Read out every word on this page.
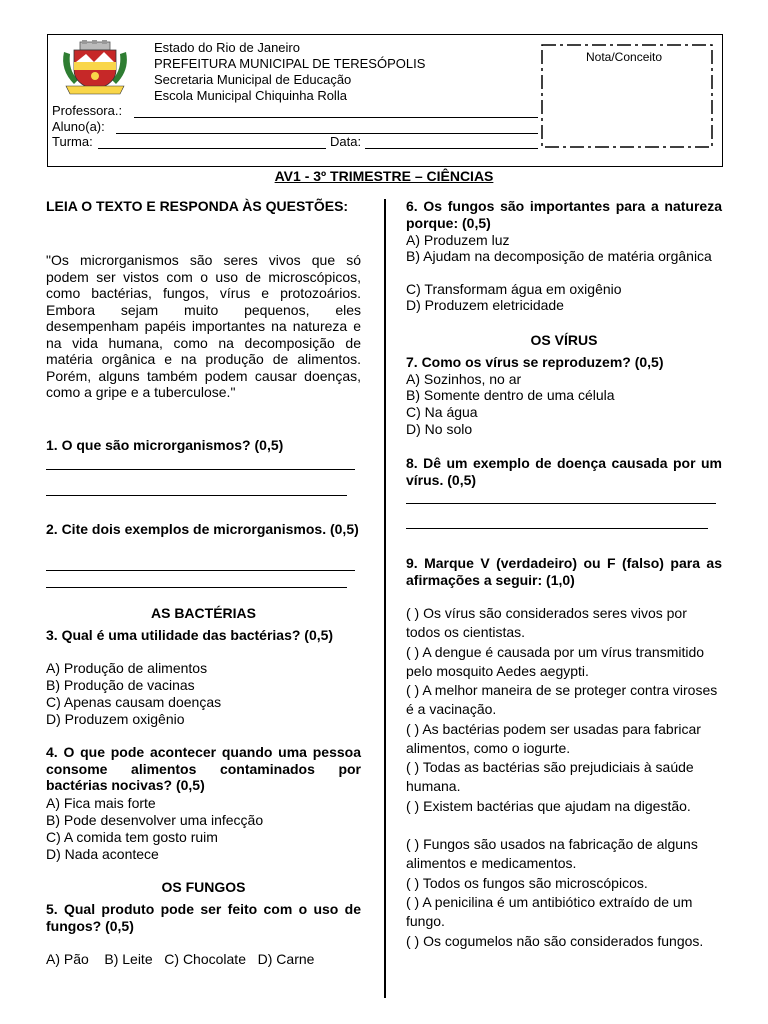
Estado do Rio de Janeiro
PREFEITURA MUNICIPAL DE TERESÓPOLIS
Secretaria Municipal de Educação
Escola Municipal Chiquinha Rolla
Professora.:
Aluno(a):
Turma:	Data:
Nota/Conceito
AV1 - 3º TRIMESTRE – CIÊNCIAS
LEIA O TEXTO E RESPONDA ÀS QUESTÕES:
"Os microrganismos são seres vivos que só podem ser vistos com o uso de microscópicos, como bactérias, fungos, vírus e protozoários. Embora sejam muito pequenos, eles desempenham papéis importantes na natureza e na vida humana, como na decomposição de matéria orgânica e na produção de alimentos. Porém, alguns também podem causar doenças, como a gripe e a tuberculose."
1. O que são microrganismos? (0,5)
2. Cite dois exemplos de microrganismos. (0,5)
AS BACTÉRIAS
3. Qual é uma utilidade das bactérias? (0,5)
A) Produção de alimentos
B) Produção de vacinas
C) Apenas causam doenças
D) Produzem oxigênio
4. O que pode acontecer quando uma pessoa consome alimentos contaminados por bactérias nocivas? (0,5)
A) Fica mais forte
B) Pode desenvolver uma infecção
C) A comida tem gosto ruim
D) Nada acontece
OS FUNGOS
5. Qual produto pode ser feito com o uso de fungos? (0,5)
A) Pão    B) Leite   C) Chocolate   D) Carne
6. Os fungos são importantes para a natureza porque: (0,5)
A) Produzem luz
B) Ajudam na decomposição de matéria orgânica
C) Transformam água em oxigênio
D) Produzem eletricidade
OS VÍRUS
7. Como os vírus se reproduzem? (0,5)
A) Sozinhos, no ar
B) Somente dentro de uma célula
C) Na água
D) No solo
8. Dê um exemplo de doença causada por um vírus. (0,5)
9. Marque V (verdadeiro) ou F (falso) para as afirmações a seguir: (1,0)
( ) Os vírus são considerados seres vivos por todos os cientistas.
( ) A dengue é causada por um vírus transmitido pelo mosquito Aedes aegypti.
( ) A melhor maneira de se proteger contra viroses é a vacinação.
( ) As bactérias podem ser usadas para fabricar alimentos, como o iogurte.
( ) Todas as bactérias são prejudiciais à saúde humana.
( ) Existem bactérias que ajudam na digestão.
( ) Fungos são usados na fabricação de alguns alimentos e medicamentos.
( ) Todos os fungos são microscópicos.
( ) A penicilina é um antibiótico extraído de um fungo.
( ) Os cogumelos não são considerados fungos.
